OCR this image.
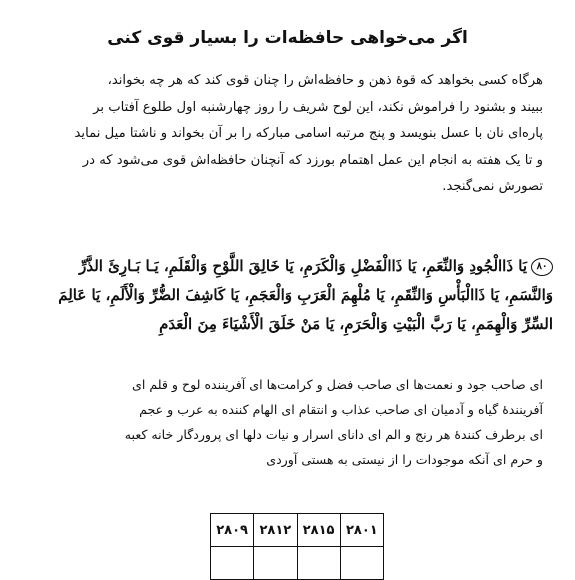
اگر می‌خواهی حافظه‌ات را بسیار قوی کنی

هرگاه کسی بخواهد که قوهٔ ذهن و حافظه‌اش را چنان قوی کند که هر چه بخواند،
ببیند و بشنود را فراموش نکند، این لوح شریف را روز چهارشنبه اول طلوع آفتاب بر
پاره‌ای نان با عسل بنویسد و پنج مرتبه اسامی مبارکه را بر آن بخواند و ناشتا میل نماید
و تا یک هفته به انجام این عمل اهتمام بورزد که آنچنان حافظه‌اش قوی می‌شود که در
تصورش نمی‌گنجد.

۸۰يَا ذَاالْجُودِ وَالنِّعَمِ، يَا ذَاالْفَضْلِ وَالْكَرَمِ، يَا خَالِقَ اللَّوْحِ وَالْقَلَمِ، يَـا بَـارِئَ الذَّرِّ
وَالنَّسَمِ، يَا ذَاالْبَأْسِ وَالنِّقَمِ، يَا مُلْهِمَ الْعَرَبِ وَالْعَجَمِ، يَا كَاشِفَ الضُّرِّ وَالْأَلَمِ، يَا عَالِمَ
السِّرِّ وَالْهِمَمِ، يَا رَبَّ الْبَيْتِ وَالْحَرَمِ، يَا مَنْ خَلَقَ الْأَشْيَاءَ مِنَ الْعَدَمِ

ای صاحب جود و نعمت‌ها ای صاحب فضل و کرامت‌ها ای آفریننده لوح و قلم ای
آفرینندهٔ گیاه و آدمیان ای صاحب عذاب و انتقام ای الهام کننده به عرب و عجم
ای برطرف کنندهٔ هر رنج و الم ای دانای اسرار و نیات دلها ای پروردگار خانه کعبه
و حرم ای آنکه موجودات را از نیستی به هستی آوردی

۲۸۰۱	۲۸۱۵	۲۸۱۲	۲۸۰۹
